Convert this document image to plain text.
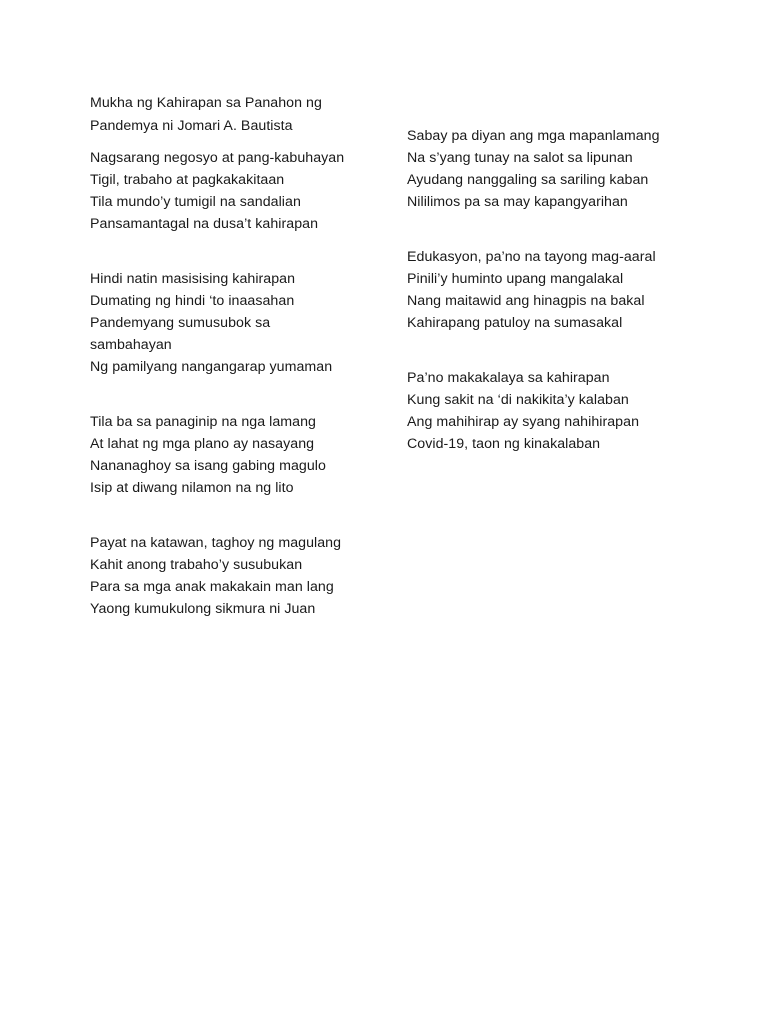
Mukha ng Kahirapan sa Panahon ng
Pandemya ni Jomari A. Bautista
Nagsarang negosyo at pang-kabuhayan
Tigil, trabaho at pagkakakitaan
Tila mundo’y tumigil na sandalian
Pansamantagal na dusa’t kahirapan
Hindi natin masisising kahirapan
Dumating ng hindi ‘to inaasahan
Pandemyang sumusubok sa
sambahayan
Ng pamilyang nangangarap yumaman
Tila ba sa panaginip na nga lamang
At lahat ng mga plano ay nasayang
Nananaghoy sa isang gabing magulo
Isip at diwang nilamon na ng lito
Payat na katawan, taghoy ng magulang
Kahit anong trabaho’y susubukan
Para sa mga anak makakain man lang
Yaong kumukulong sikmura ni Juan
Sabay pa diyan ang mga mapanlamang
Na s’yang tunay na salot sa lipunan
Ayudang nanggaling sa sariling kaban
Nililimos pa sa may kapangyarihan
Edukasyon, pa’no na tayong mag-aaral
Pinili’y huminto upang mangalakal
Nang maitawid ang hinagpis na bakal
Kahirapang patuloy na sumasakal
Pa’no makakalaya sa kahirapan
Kung sakit na ‘di nakikita’y kalaban
Ang mahihirap ay syang nahihirapan
Covid-19, taon ng kinakalaban
